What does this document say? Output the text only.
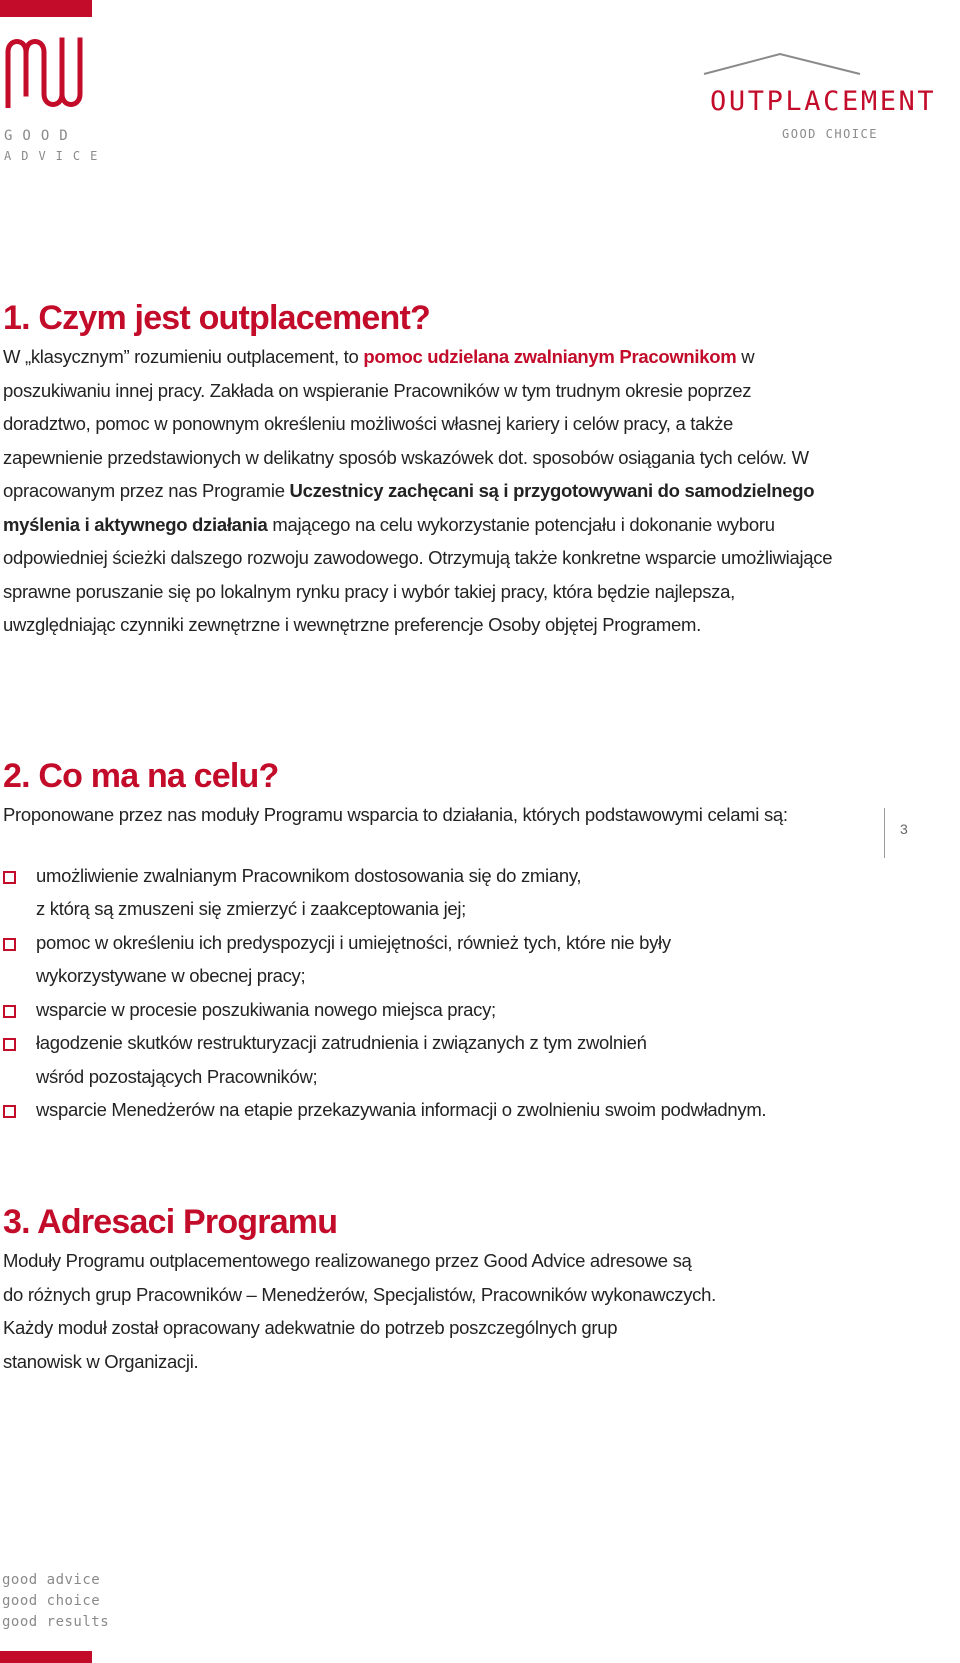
GOOD
ADVICE
OUTPLACEMENT
GOOD CHOICE
1. Czym jest outplacement?

W „klasycznym” rozumieniu outplacement, to pomoc udzielana zwalnianym Pracownikom w poszukiwaniu innej pracy. Zakłada on wspieranie Pracowników w tym trudnym okresie poprzez doradztwo, pomoc w ponownym określeniu możliwości własnej kariery i celów pracy, a także zapewnienie przedstawionych w delikatny sposób wskazówek dot. sposobów osiągania tych celów. W opracowanym przez nas Programie Uczestnicy zachęcani są i przygotowywani do samodzielnego myślenia i aktywnego działania mającego na celu wykorzystanie potencjału i dokonanie wyboru odpowiedniej ścieżki dalszego rozwoju zawodowego. Otrzymują także konkretne wsparcie umożliwiające sprawne poruszanie się po lokalnym rynku pracy i wybór takiej pracy, która będzie najlepsza, uwzględniając czynniki zewnętrzne i wewnętrzne preferencje Osoby objętej Programem.

2. Co ma na celu?

Proponowane przez nas moduły Programu wsparcia to działania, których podstawowymi celami są:

umożliwienie zwalnianym Pracownikom dostosowania się do zmiany,
z którą są zmuszeni się zmierzyć i zaakceptowania jej;
pomoc w określeniu ich predyspozycji i umiejętności, również tych, które nie były
wykorzystywane w obecnej pracy;
wsparcie w procesie poszukiwania nowego miejsca pracy;
łagodzenie skutków restrukturyzacji zatrudnienia i związanych z tym zwolnień
wśród pozostających Pracowników;
wsparcie Menedżerów na etapie przekazywania informacji o zwolnieniu swoim podwładnym.
3. Adresaci Programu

Moduły Programu outplacementowego realizowanego przez Good Advice adresowe są

do różnych grup Pracowników – Menedżerów, Specjalistów, Pracowników wykonawczych.

Każdy moduł został opracowany adekwatnie do potrzeb poszczególnych grup

stanowisk w Organizacji.

3
good advice
good choice
good results
